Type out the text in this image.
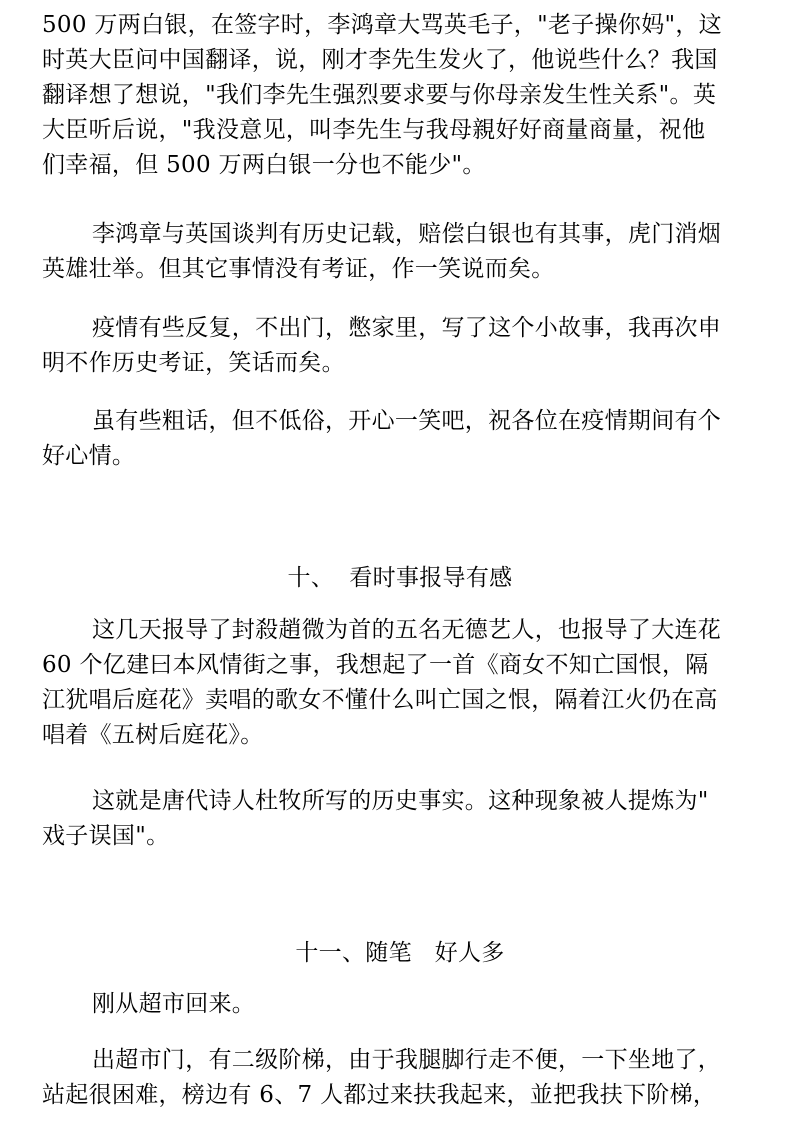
500 万两白银，在签字时，李鸿章大骂英毛子，"老子操你妈"，这
时英大臣问中国翻译，说，刚才李先生发火了，他说些什么？我国
翻译想了想说，"我们李先生强烈要求要与你母亲发生性关系"。英
大臣听后说，"我没意见，叫李先生与我母親好好商量商量，祝他
们幸福，但 500 万两白银一分也不能少"。
李鸿章与英国谈判有历史记载，赔偿白银也有其事，虎门消烟
英雄壮举。但其它事情没有考证，作一笑说而矣。
疫情有些反复，不出门，憋家里，写了这个小故事，我再次申
明不作历史考证，笑话而矣。
虽有些粗话，但不低俗，开心一笑吧，祝各位在疫情期间有个
好心情。
十、  看时事报导有感
这几天报导了封殺趙微为首的五名无德艺人，也报导了大连花
60 个亿建曰本风情街之事，我想起了一首《商女不知亡国恨，隔
江犹唱后庭花》卖唱的歌女不懂什么叫亡国之恨，隔着江火仍在高
唱着《五树后庭花》。
这就是唐代诗人杜牧所写的历史事实。这种现象被人提炼为"
戏子误国"。
十一、随笔   好人多
刚从超市回来。
出超市门，有二级阶梯，由于我腿脚行走不便，一下坐地了，
站起很困难，榜边有 6、7 人都过来扶我起来，並把我扶下阶梯，
